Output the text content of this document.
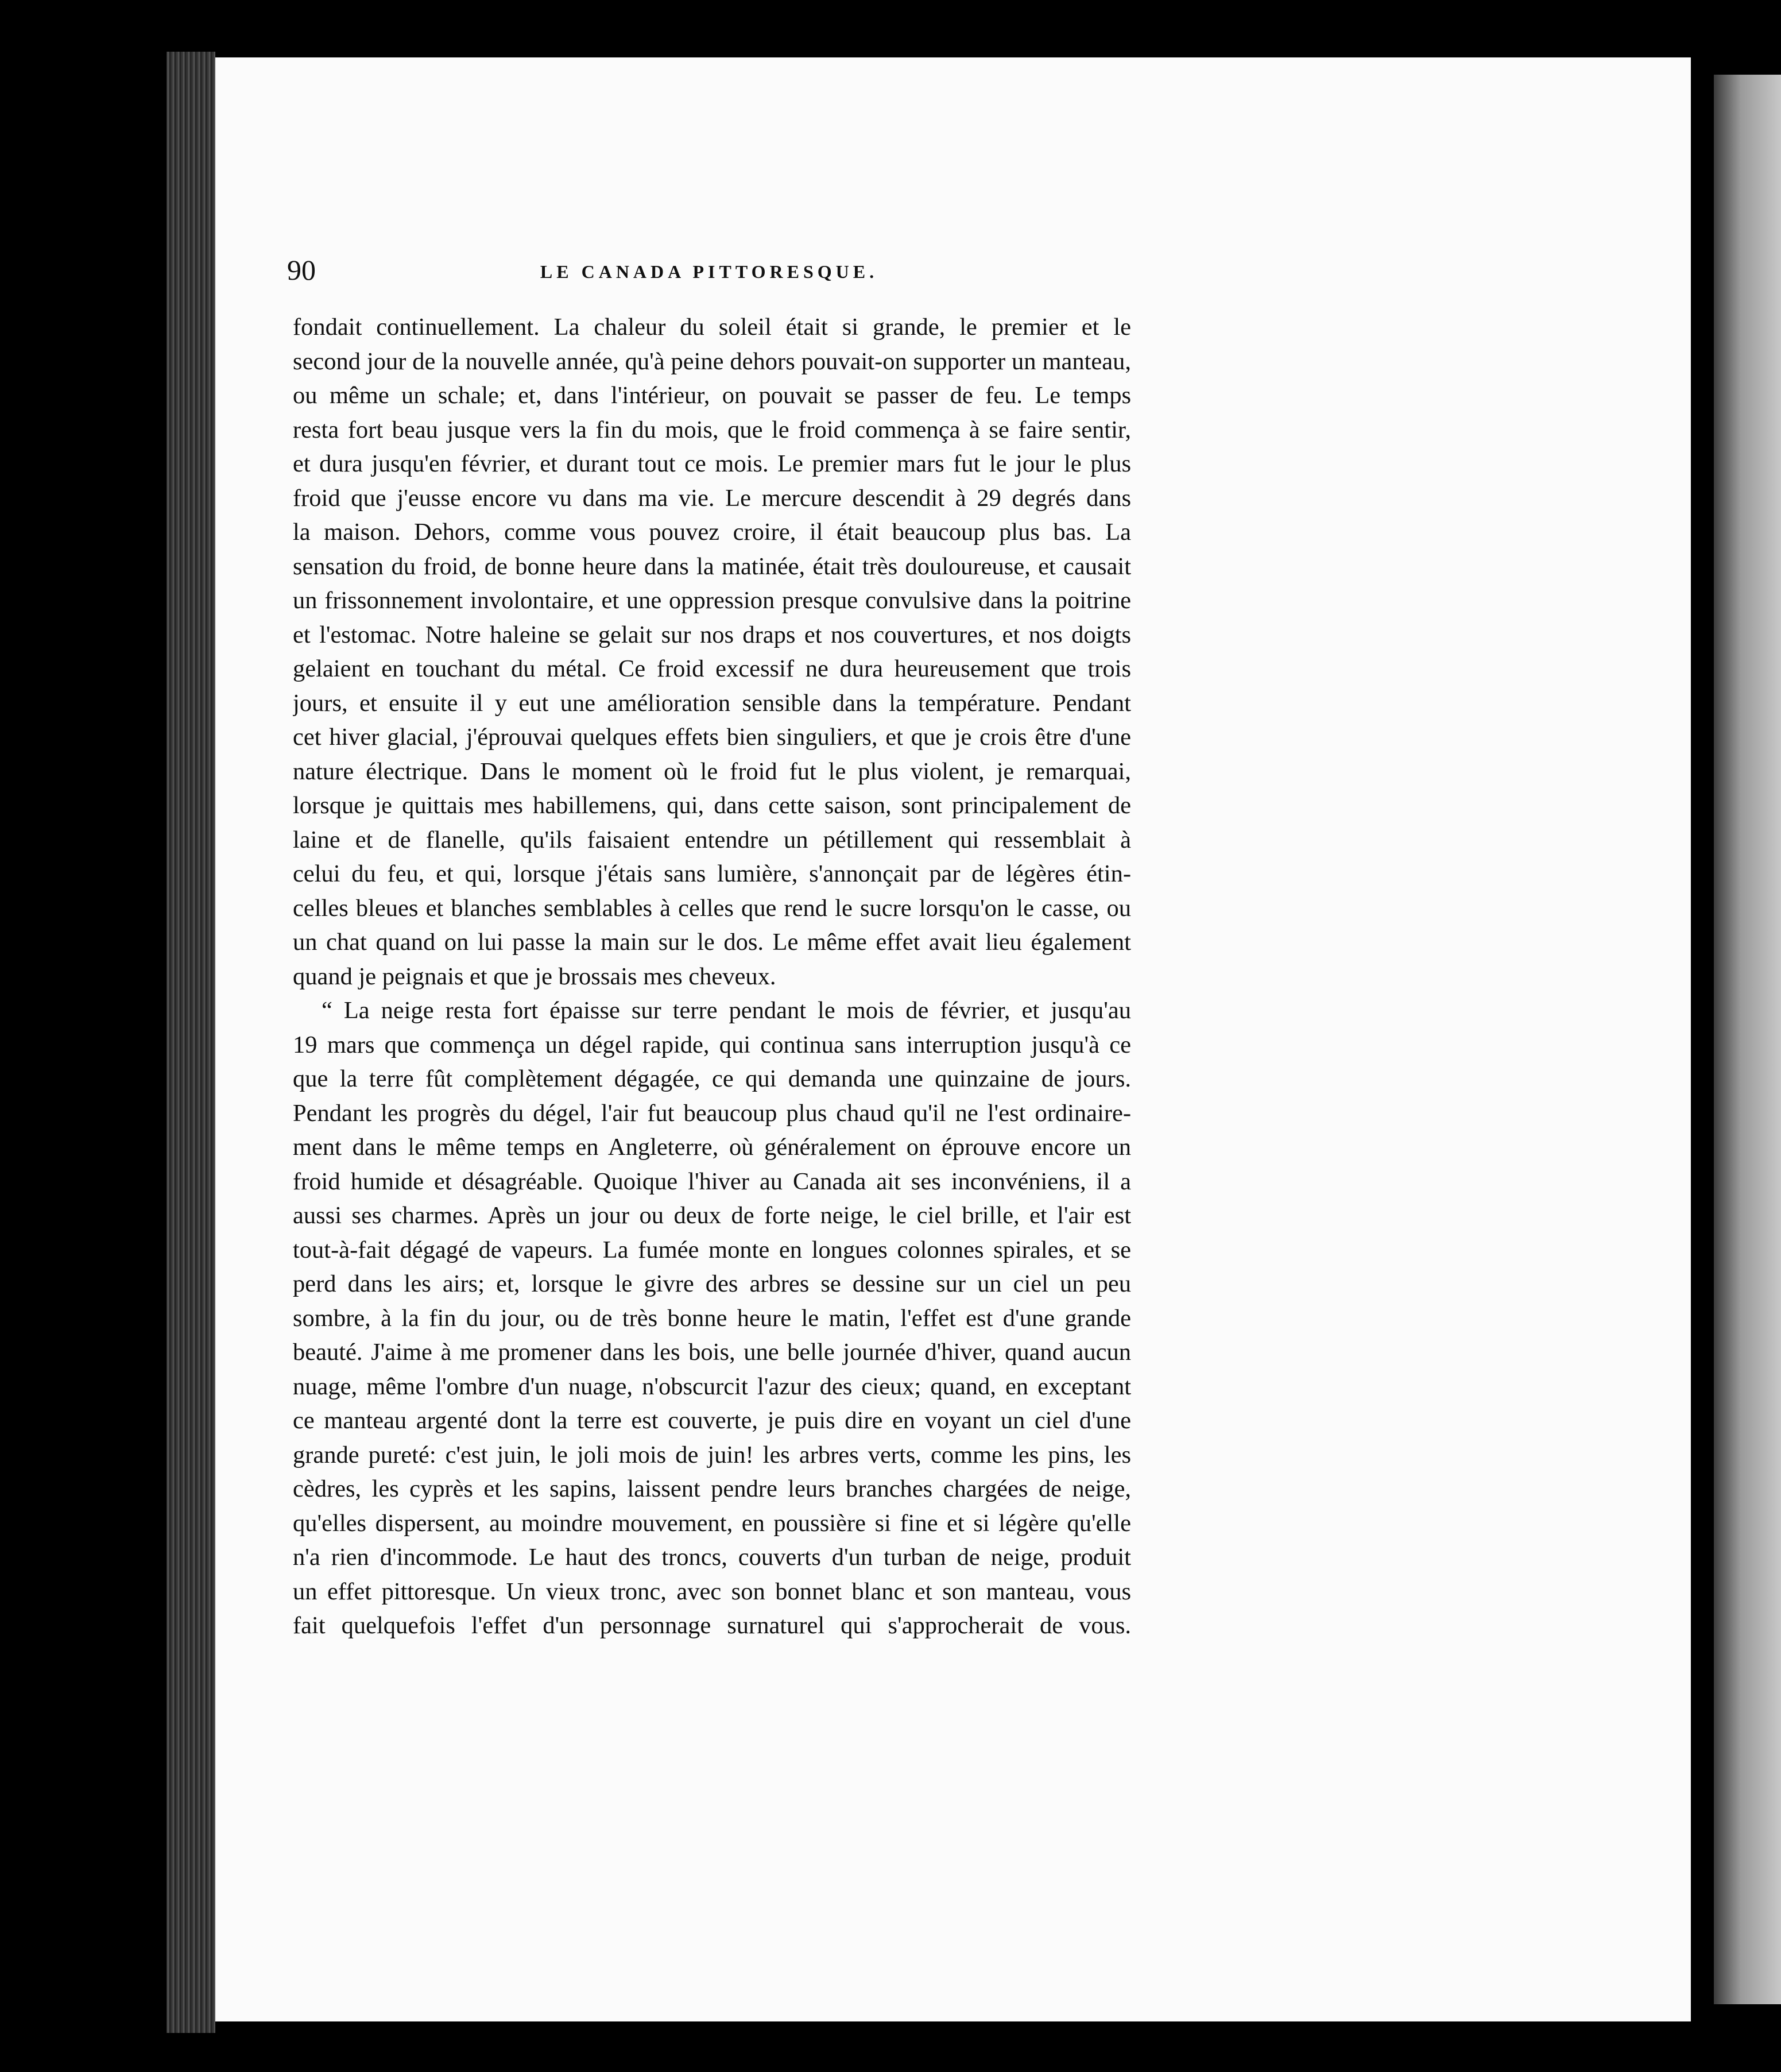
90	LE CANADA PITTORESQUE.
fondait continuellement. La chaleur du soleil était si grande, le premier et le
second jour de la nouvelle année, qu'à peine dehors pouvait-on supporter un manteau,
ou même un schale; et, dans l'intérieur, on pouvait se passer de feu. Le temps
resta fort beau jusque vers la fin du mois, que le froid commença à se faire sentir,
et dura jusqu'en février, et durant tout ce mois. Le premier mars fut le jour le plus
froid que j'eusse encore vu dans ma vie. Le mercure descendit à 29 degrés dans
la maison. Dehors, comme vous pouvez croire, il était beaucoup plus bas. La
sensation du froid, de bonne heure dans la matinée, était très douloureuse, et causait
un frissonnement involontaire, et une oppression presque convulsive dans la poitrine
et l'estomac. Notre haleine se gelait sur nos draps et nos couvertures, et nos doigts
gelaient en touchant du métal. Ce froid excessif ne dura heureusement que trois
jours, et ensuite il y eut une amélioration sensible dans la température. Pendant
cet hiver glacial, j'éprouvai quelques effets bien singuliers, et que je crois être d'une
nature électrique. Dans le moment où le froid fut le plus violent, je remarquai,
lorsque je quittais mes habillemens, qui, dans cette saison, sont principalement de
laine et de flanelle, qu'ils faisaient entendre un pétillement qui ressemblait à
celui du feu, et qui, lorsque j'étais sans lumière, s'annonçait par de légères étin-
celles bleues et blanches semblables à celles que rend le sucre lorsqu'on le casse, ou
un chat quand on lui passe la main sur le dos. Le même effet avait lieu également
quand je peignais et que je brossais mes cheveux.
“ La neige resta fort épaisse sur terre pendant le mois de février, et jusqu'au
19 mars que commença un dégel rapide, qui continua sans interruption jusqu'à ce
que la terre fût complètement dégagée, ce qui demanda une quinzaine de jours.
Pendant les progrès du dégel, l'air fut beaucoup plus chaud qu'il ne l'est ordinaire-
ment dans le même temps en Angleterre, où généralement on éprouve encore un
froid humide et désagréable. Quoique l'hiver au Canada ait ses inconvéniens, il a
aussi ses charmes. Après un jour ou deux de forte neige, le ciel brille, et l'air est
tout-à-fait dégagé de vapeurs. La fumée monte en longues colonnes spirales, et se
perd dans les airs; et, lorsque le givre des arbres se dessine sur un ciel un peu
sombre, à la fin du jour, ou de très bonne heure le matin, l'effet est d'une grande
beauté. J'aime à me promener dans les bois, une belle journée d'hiver, quand aucun
nuage, même l'ombre d'un nuage, n'obscurcit l'azur des cieux; quand, en exceptant
ce manteau argenté dont la terre est couverte, je puis dire en voyant un ciel d'une
grande pureté: c'est juin, le joli mois de juin! les arbres verts, comme les pins, les
cèdres, les cyprès et les sapins, laissent pendre leurs branches chargées de neige,
qu'elles dispersent, au moindre mouvement, en poussière si fine et si légère qu'elle
n'a rien d'incommode. Le haut des troncs, couverts d'un turban de neige, produit
un effet pittoresque. Un vieux tronc, avec son bonnet blanc et son manteau, vous
fait quelquefois l'effet d'un personnage surnaturel qui s'approcherait de vous.
